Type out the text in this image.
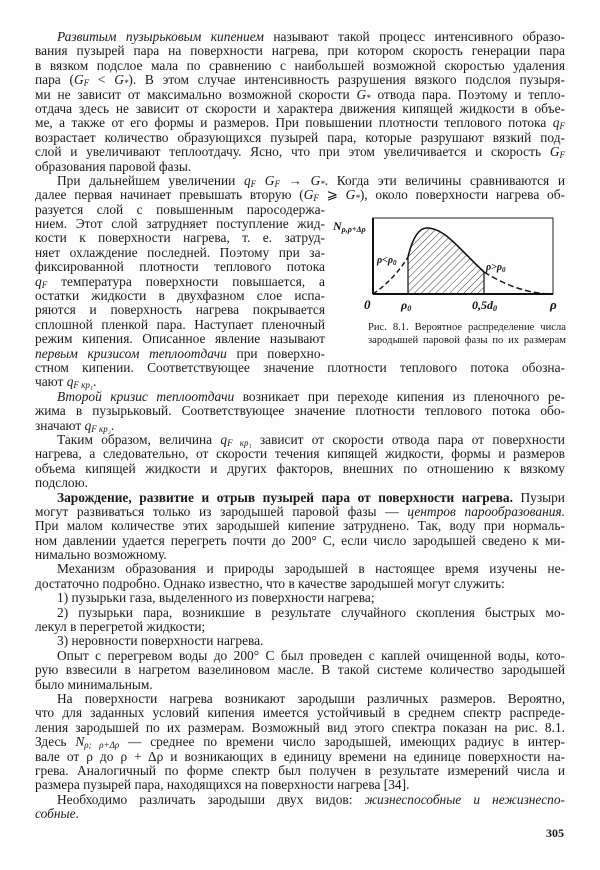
Развитым пузырьковым кипением называют такой процесс интенсивного образо-
вания пузырей пара на поверхности нагрева, при котором скорость генерации пара
в вязком подслое мала по сравнению с наибольшей возможной скоростью удаления
пара $(G_F < G_*)$. В этом случае интенсивность разрушения вязкого подслоя пузыря-
ми не зависит от максимально возможной скорости $G_*$ отвода пара. Поэтому и тепло-
отдача здесь не зависит от скорости и характера движения кипящей жидкости в объе-
ме, а также от его формы и размеров. При повышении плотности теплового потока $q_F$
возрастает количество образующихся пузырей пара, которые разрушают вязкий под-
слой и увеличивают теплоотдачу. Ясно, что при этом увеличивается и скорость $G_F$
образования паровой фазы.
При дальнейшем увеличении $q_F$ $G_F \to G_*$. Когда эти величины сравниваются и
далее первая начинает превышать вторую ($G_F$ ⩾ $G_*$), около поверхности нагрева об-
разуется слой с повышенным паросодержа-
нием. Этот слой затрудняет поступление жид-
кости к поверхности нагрева, т. е. затруд-
няет охлаждение последней. Поэтому при за-
фиксированной плотности теплового потока
$q_F$ температура поверхности повышается, а
остатки жидкости в двухфазном слое испа-
ряются и поверхность нагрева покрывается
сплошной пленкой пара. Наступает пленочный
режим кипения. Описанное явление называют
первым кризисом теплоотдачи при поверхно-
стном кипении. Соответствующее значение плотности теплового потока обозна-
чают $q_{F кр_1}$.
Второй кризис теплоотдачи возникает при переходе кипения из пленочного ре-
жима в пузырьковый. Соответствующее значение плотности теплового потока обо-
значают $q_{F кр_2}$.
Таким образом, величина $q_{F кр_1}$ зависит от скорости отвода пара от поверхности
нагрева, а следовательно, от скорости течения кипящей жидкости, формы и размеров
объема кипящей жидкости и других факторов, внешних по отношению к вязкому
подслою.
Зарождение, развитие и отрыв пузырей пара от поверхности нагрева. Пузыри
могут развиваться только из зародышей паровой фазы — центров парообразования.
При малом количестве этих зародышей кипение затруднено. Так, воду при нормаль-
ном давлении удается перегреть почти до 200° С, если число зародышей сведено к ми-
нимально возможному.
Механизм образования и природы зародышей в настоящее время изучены не-
достаточно подробно. Однако известно, что в качестве зародышей могут служить:
1) пузырьки газа, выделенного из поверхности нагрева;
2) пузырьки пара, возникшие в результате случайного скопления быстрых мо-
лекул в перегретой жидкости;
3) неровности поверхности нагрева.
Опыт с перегревом воды до 200° С был проведен с каплей очищенной воды, кото-
рую взвесили в нагретом вазелиновом масле. В такой системе количество зародышей
было минимальным.
На поверхности нагрева возникают зародыши различных размеров. Вероятно,
что для заданных условий кипения имеется устойчивый в среднем спектр распреде-
ления зародышей по их размерам. Возможный вид этого спектра показан на рис. 8.1.
Здесь $N_{\rho; \rho+\Delta\rho}$ — среднее по времени число зародышей, имеющих радиус в интер-
вале от ρ до ρ + Δρ и возникающих в единицу времени на единице поверхности на-
грева. Аналогичный по форме спектр был получен в результате измерений числа и
размера пузырей пара, находящихся на поверхности нагрева [34].
Необходимо различать зародыши двух видов: жизнеспособные и нежизнеспо-
собные.
Nρ,ρ+Δρ
$\rho<\rho_0$	$\rho>\rho_0$
0	ρ0	0,5d0	ρ
Рис. 8.1. Вероятное распределение числа
зародышей паровой фазы по их размерам
305
